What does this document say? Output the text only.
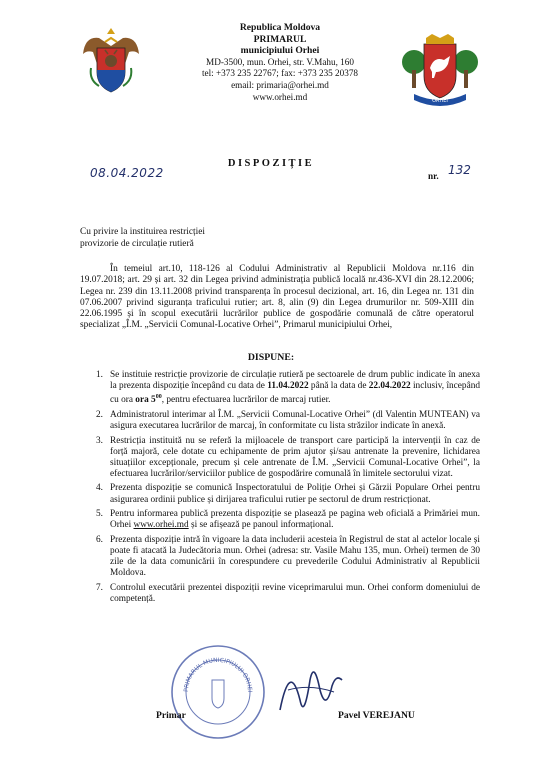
Republica Moldova
PRIMARUL
municipiului Orhei
MD-3500, mun. Orhei, str. V.Mahu, 160
tel: +373 235 22767; fax: +373 235 20378
email: primaria@orhei.md
www.orhei.md	ORHEI
DISPOZIȚIE
08.04.2022	nr. 132
Cu privire la instituirea restricției
provizorie de circulație rutieră
În temeiul art.10, 118-126 al Codului Administrativ al Republicii Moldova nr.116 din 19.07.2018; art. 29 și art. 32 din Legea privind administrația publică locală nr.436-XVI din 28.12.2006; Legea nr. 239 din 13.11.2008 privind transparența în procesul decizional, art. 16, din Legea nr. 131 din 07.06.2007 privind siguranța traficului rutier; art. 8, alin (9) din Legea drumurilor nr. 509-XIII din 22.06.1995 și în scopul executării lucrărilor publice de gospodărie comunală de către operatorul specializat „Î.M. „Servicii Comunal-Locative Orhei”, Primarul municipiului Orhei,
DISPUNE:
1. Se instituie restricție provizorie de circulație rutieră pe sectoarele de drum public indicate în anexa la prezenta dispoziție începând cu data de 11.04.2022 până la data de 22.04.2022 inclusiv, începând cu ora ora $5^{00}$, pentru efectuarea lucrărilor de marcaj rutier.
2. Administratorul interimar al Î.M. „Servicii Comunal-Locative Orhei” (dl Valentin MUNTEAN) va asigura executarea lucrărilor de marcaj, în conformitate cu lista străzilor indicate în anexă.
3. Restricția instituită nu se referă la mijloacele de transport care participă la intervenții în caz de forță majoră, cele dotate cu echipamente de prim ajutor și/sau antrenate la prevenire, lichidarea situațiilor excepționale, precum și cele antrenate de Î.M. „Servicii Comunal-Locative Orhei”, la efectuarea lucrărilor/serviciilor publice de gospodărire comunală în limitele sectorului vizat.
4. Prezenta dispoziție se comunică Inspectoratului de Poliție Orhei și Gărzii Populare Orhei pentru asigurarea ordinii publice și dirijarea traficului rutier pe sectorul de drum restricționat.
5. Pentru informarea publică prezenta dispoziție se plasează pe pagina web oficială a Primăriei mun. Orhei www.orhei.md și se afișează pe panoul informațional.
6. Prezenta dispoziție intră în vigoare la data includerii acesteia în Registrul de stat al actelor locale și poate fi atacată la Judecătoria mun. Orhei (adresa: str. Vasile Mahu 135, mun. Orhei) termen de 30 zile de la data comunicării în corespundere cu prevederile Codului Administrativ al Republicii Moldova.
7. Controlul executării prezentei dispoziții revine viceprimarului mun. Orhei conform domeniului de competență.
PRIMARUL MUNICIPIULUI ORHEI
Primar	Pavel VEREJANU
